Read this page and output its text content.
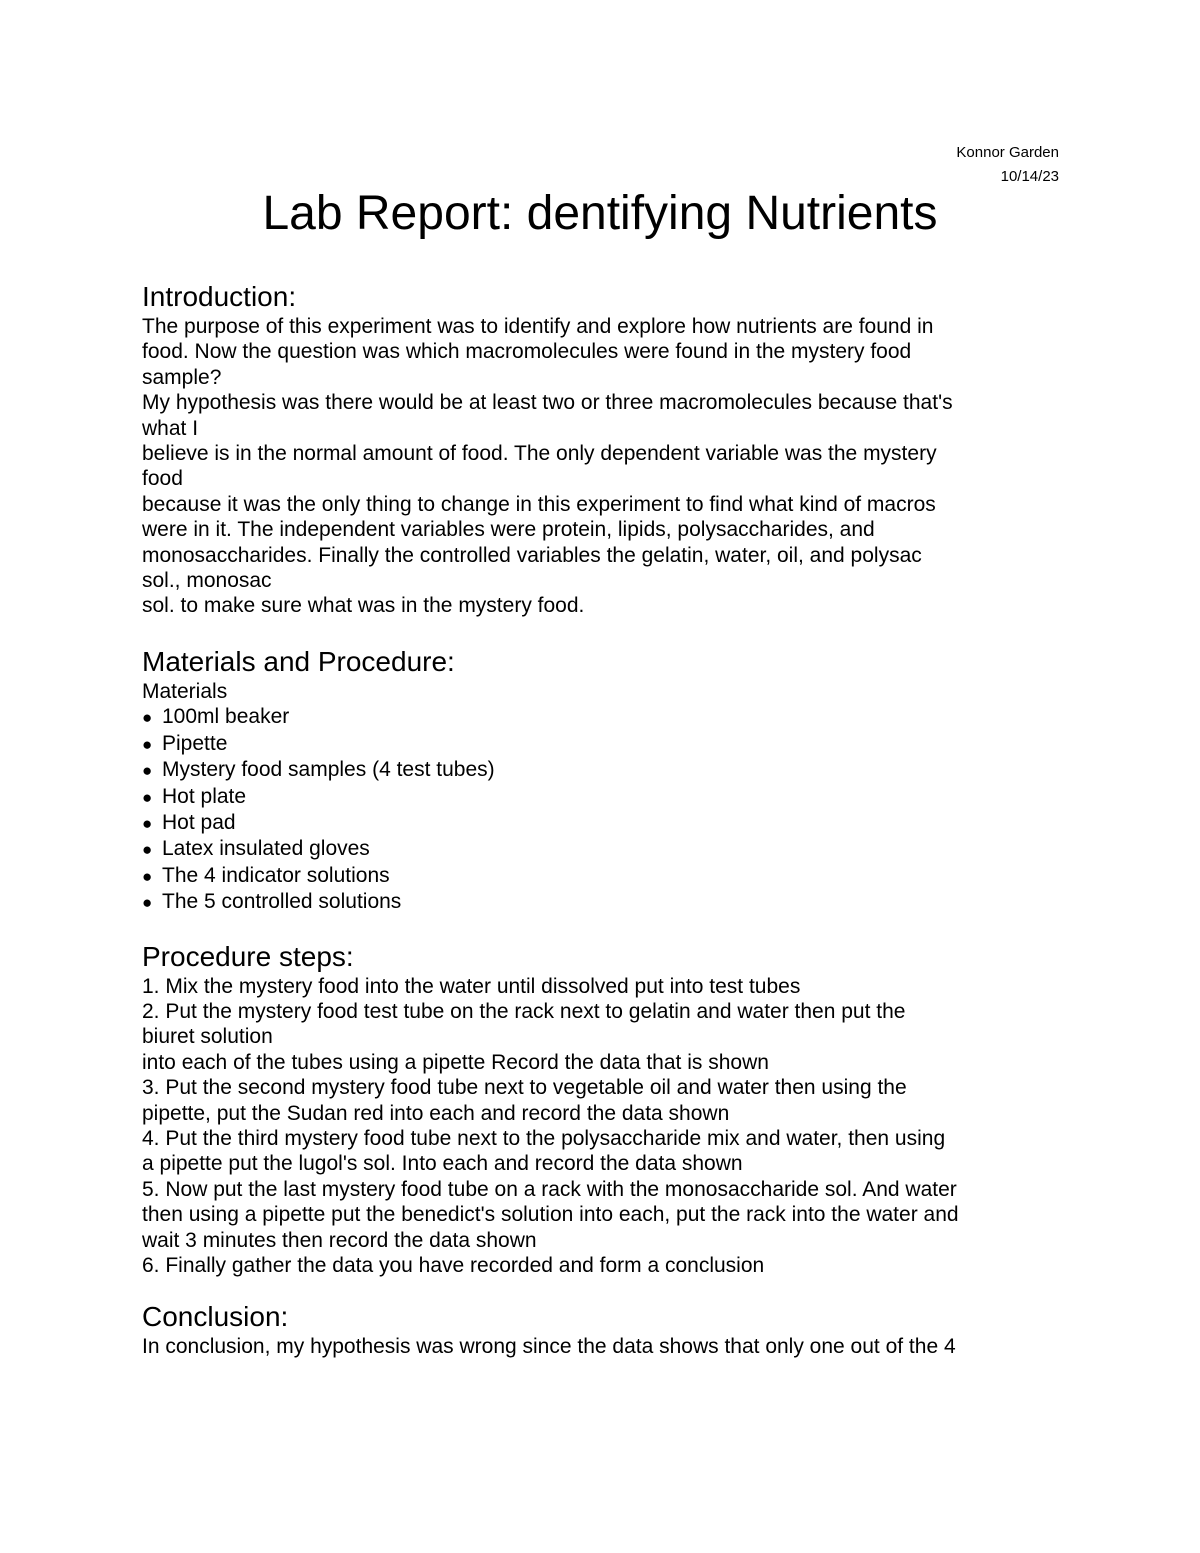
Konnor Garden
10/14/23
Lab Report: dentifying Nutrients
Introduction:
The purpose of this experiment was to identify and explore how nutrients are found in
food. Now the question was which macromolecules were found in the mystery food
sample?
My hypothesis was there would be at least two or three macromolecules because that's
what I
believe is in the normal amount of food. The only dependent variable was the mystery
food
because it was the only thing to change in this experiment to find what kind of macros
were in it. The independent variables were protein, lipids, polysaccharides, and
monosaccharides. Finally the controlled variables the gelatin, water, oil, and polysac
sol., monosac
sol. to make sure what was in the mystery food.
Materials and Procedure:
Materials
● 100ml beaker
● Pipette
● Mystery food samples (4 test tubes)
● Hot plate
● Hot pad
● Latex insulated gloves
● The 4 indicator solutions
● The 5 controlled solutions
Procedure steps:
1. Mix the mystery food into the water until dissolved put into test tubes
2. Put the mystery food test tube on the rack next to gelatin and water then put the
biuret solution
into each of the tubes using a pipette Record the data that is shown
3. Put the second mystery food tube next to vegetable oil and water then using the
pipette, put the Sudan red into each and record the data shown
4. Put the third mystery food tube next to the polysaccharide mix and water, then using
a pipette put the lugol's sol. Into each and record the data shown
5. Now put the last mystery food tube on a rack with the monosaccharide sol. And water
then using a pipette put the benedict's solution into each, put the rack into the water and
wait 3 minutes then record the data shown
6. Finally gather the data you have recorded and form a conclusion
Conclusion:
In conclusion, my hypothesis was wrong since the data shows that only one out of the 4
